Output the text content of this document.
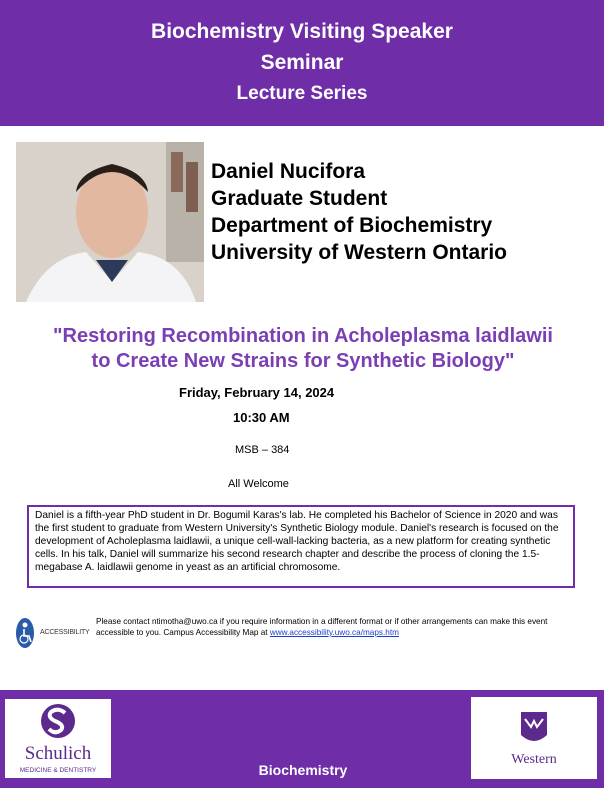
Biochemistry Visiting Speaker
Seminar
Lecture Series
Daniel Nucifora
Graduate Student
Department of Biochemistry
University of Western Ontario
"Restoring Recombination in Acholeplasma laidlawii
to Create New Strains for Synthetic Biology"
Friday, February 14, 2024
10:30 AM
MSB – 384
All Welcome
Daniel is a fifth-year PhD student in Dr. Bogumil Karas's lab. He completed his Bachelor of Science in 2020 and was the first student to graduate from Western University's Synthetic Biology module. Daniel's research is focused on the development of Acholeplasma laidlawii, a unique cell-wall-lacking bacteria, as a new platform for creating synthetic cells. In his talk, Daniel will summarize his second research chapter and describe the process of cloning the 1.5-megabase A. laidlawii genome in yeast as an artificial chromosome.
ACCESSIBILITY
Please contact ntimotha@uwo.ca if you require information in a different format or if other arrangements can make this event accessible to you. Campus Accessibility Map at www.accessibility.uwo.ca/maps.htm
Schulich
MEDICINE & DENTISTRY
Western
Biochemistry
